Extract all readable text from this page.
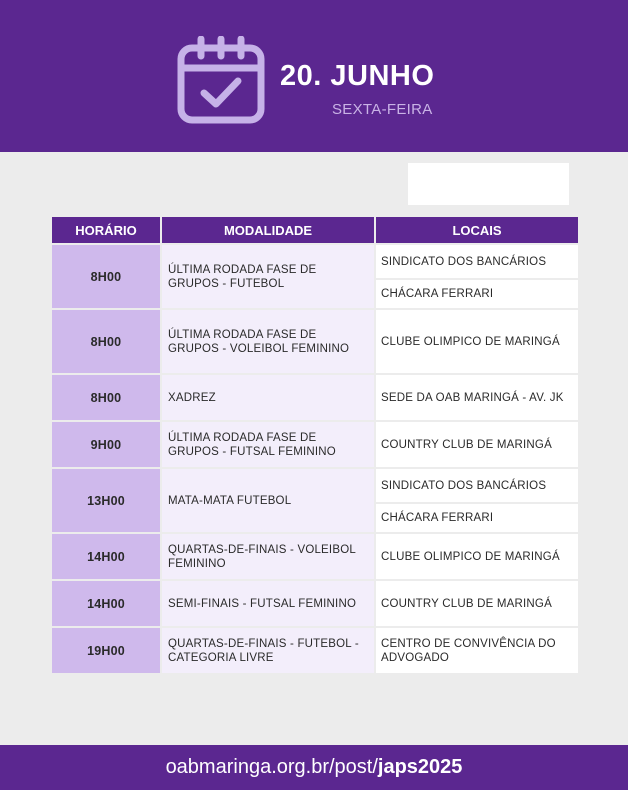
20. JUNHO
SEXTA-FEIRA
HORÁRIO	MODALIDADE	LOCAIS
8H00	ÚLTIMA RODADA FASE DE GRUPOS - FUTEBOL	SINDICATO DOS BANCÁRIOS
		CHÁCARA FERRARI
8H00	ÚLTIMA RODADA FASE DE GRUPOS - VOLEIBOL FEMININO	CLUBE OLIMPICO DE MARINGÁ
8H00	XADREZ	SEDE DA OAB MARINGÁ - AV. JK
9H00	ÚLTIMA RODADA FASE DE GRUPOS - FUTSAL FEMININO	COUNTRY CLUB DE MARINGÁ
13H00	MATA-MATA FUTEBOL	SINDICATO DOS BANCÁRIOS
		CHÁCARA FERRARI
14H00	QUARTAS-DE-FINAIS - VOLEIBOL FEMININO	CLUBE OLIMPICO DE MARINGÁ
14H00	SEMI-FINAIS - FUTSAL FEMININO	COUNTRY CLUB DE MARINGÁ
19H00	QUARTAS-DE-FINAIS - FUTEBOL - CATEGORIA LIVRE	CENTRO DE CONVIVÊNCIA DO ADVOGADO
oabmaringa.org.br/post/japs2025
